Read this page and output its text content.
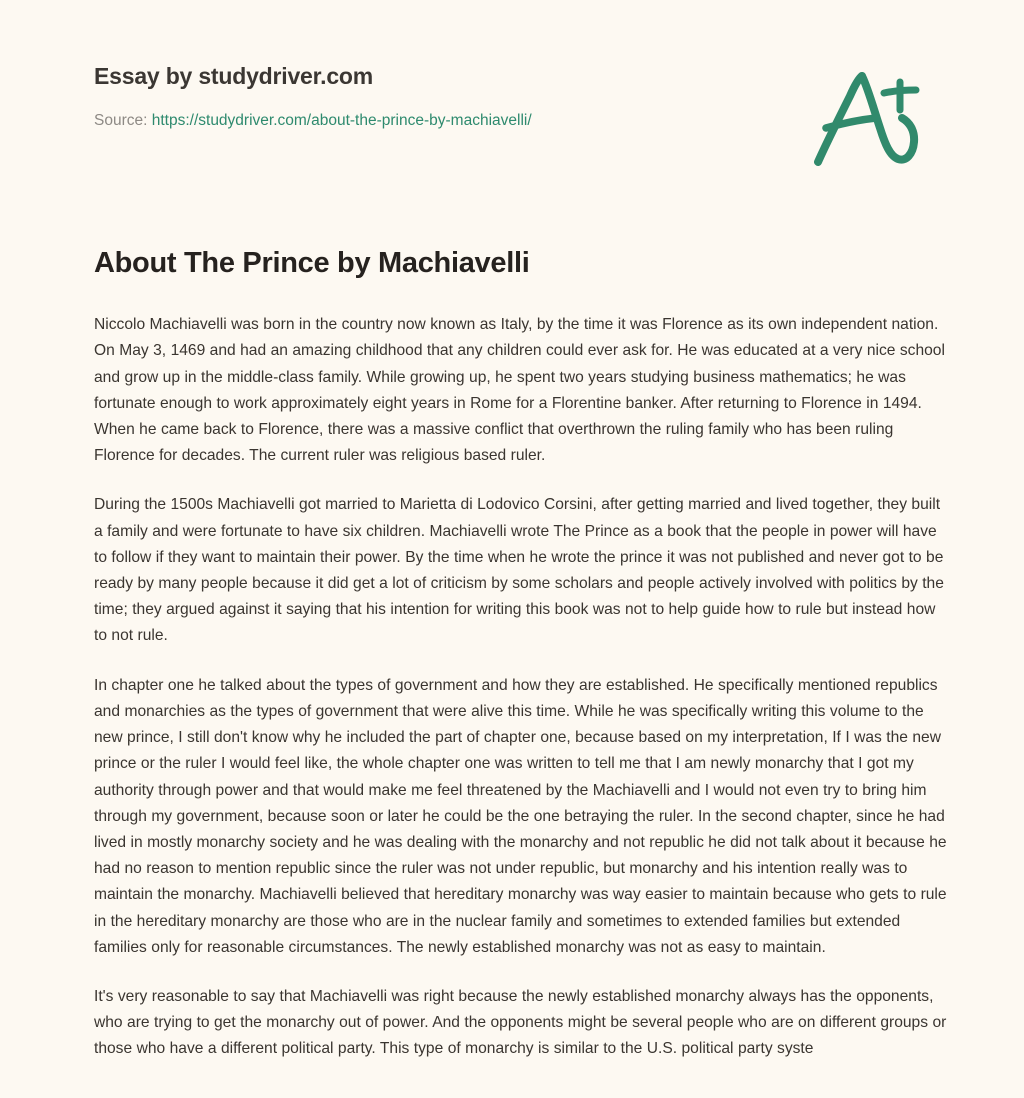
Essay by studydriver.com
Source: https://studydriver.com/about-the-prince-by-machiavelli/
About The Prince by Machiavelli

Niccolo Machiavelli was born in the country now known as Italy, by the time it was Florence as its own independent nation. On May 3, 1469 and had an amazing childhood that any children could ever ask for. He was educated at a very nice school and grow up in the middle-class family. While growing up, he spent two years studying business mathematics; he was fortunate enough to work approximately eight years in Rome for a Florentine banker. After returning to Florence in 1494. When he came back to Florence, there was a massive conflict that overthrown the ruling family who has been ruling Florence for decades. The current ruler was religious based ruler.

During the 1500s Machiavelli got married to Marietta di Lodovico Corsini, after getting married and lived together, they built a family and were fortunate to have six children. Machiavelli wrote The Prince as a book that the people in power will have to follow if they want to maintain their power. By the time when he wrote the prince it was not published and never got to be ready by many people because it did get a lot of criticism by some scholars and people actively involved with politics by the time; they argued against it saying that his intention for writing this book was not to help guide how to rule but instead how to not rule.

In chapter one he talked about the types of government and how they are established. He specifically mentioned republics and monarchies as the types of government that were alive this time. While he was specifically writing this volume to the new prince, I still don't know why he included the part of chapter one, because based on my interpretation, If I was the new prince or the ruler I would feel like, the whole chapter one was written to tell me that I am newly monarchy that I got my authority through power and that would make me feel threatened by the Machiavelli and I would not even try to bring him through my government, because soon or later he could be the one betraying the ruler. In the second chapter, since he had lived in mostly monarchy society and he was dealing with the monarchy and not republic he did not talk about it because he had no reason to mention republic since the ruler was not under republic, but monarchy and his intention really was to maintain the monarchy. Machiavelli believed that hereditary monarchy was way easier to maintain because who gets to rule in the hereditary monarchy are those who are in the nuclear family and sometimes to extended families but extended families only for reasonable circumstances. The newly established monarchy was not as easy to maintain.

It's very reasonable to say that Machiavelli was right because the newly established monarchy always has the opponents, who are trying to get the monarchy out of power. And the opponents might be several people who are on different groups or those who have a different political party. This type of monarchy is similar to the U.S. political party syste
